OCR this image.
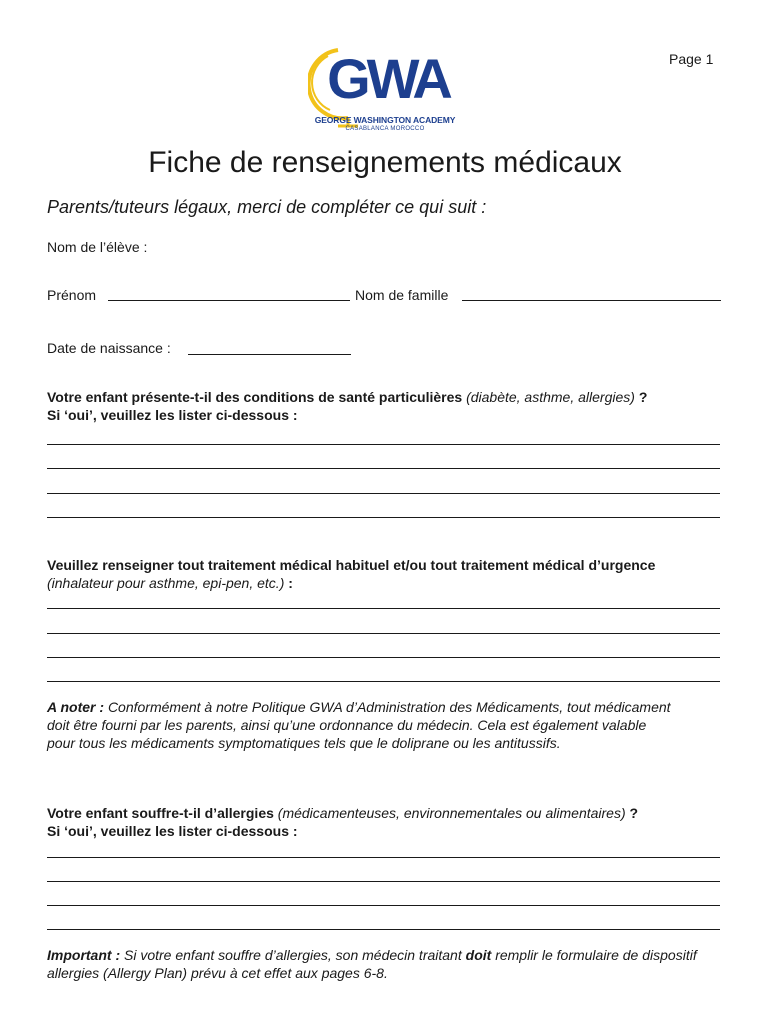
Page 1
GWA
GEORGE WASHINGTON ACADEMY
CASABLANCA MOROCCO
Fiche de renseignements médicaux
Parents/tuteurs légaux, merci de compléter ce qui suit :
Nom de l’élève :
Prénom	Nom de famille
Date de naissance :
Votre enfant présente-t-il des conditions de santé particulières (diabète, asthme, allergies) ?
Si ‘oui’, veuillez les lister ci-dessous :
Veuillez renseigner tout traitement médical habituel et/ou tout traitement médical d’urgence
(inhalateur pour asthme, epi-pen, etc.) :
A noter : Conformément à notre Politique GWA d’Administration des Médicaments, tout médicament doit être fourni par les parents, ainsi qu’une ordonnance du médecin. Cela est également valable pour tous les médicaments symptomatiques tels que le doliprane ou les antitussifs.
Votre enfant souffre-t-il d’allergies (médicamenteuses, environnementales ou alimentaires) ?
Si ‘oui’, veuillez les lister ci-dessous :
Important : Si votre enfant souffre d’allergies, son médecin traitant doit remplir le formulaire de dispositif allergies (Allergy Plan) prévu à cet effet aux pages 6-8.
